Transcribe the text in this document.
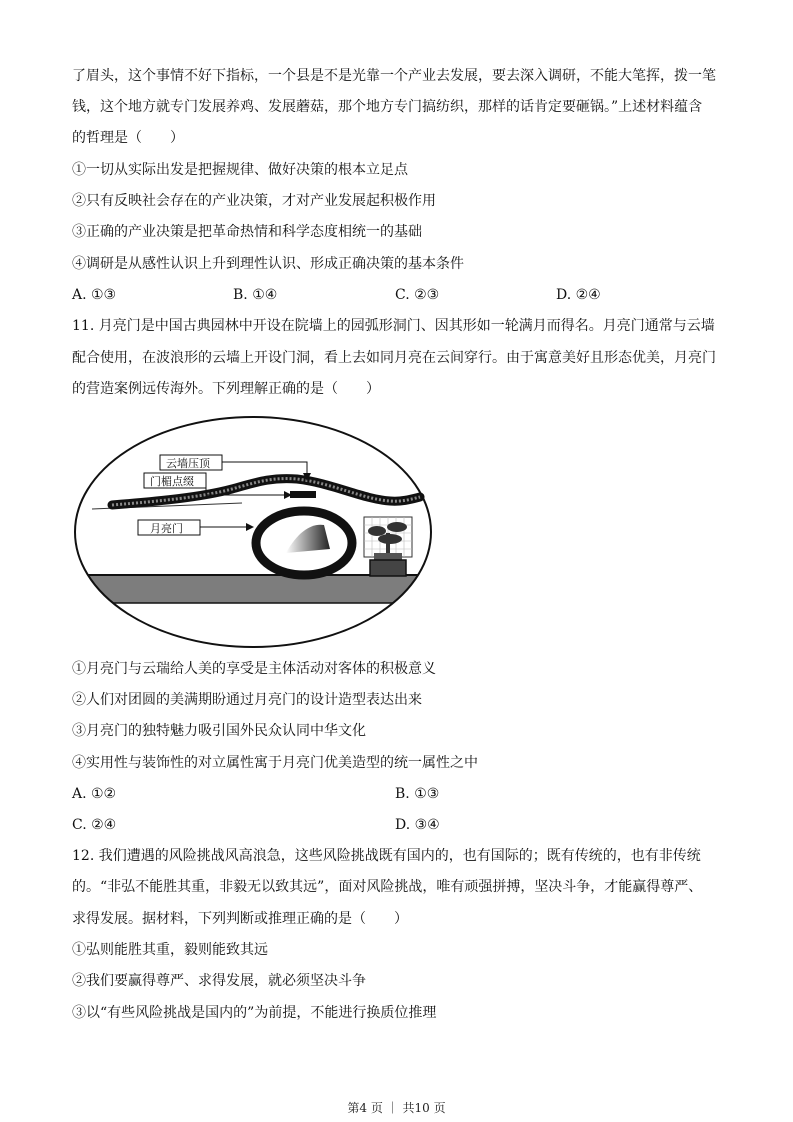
了眉头，这个事情不好下指标，一个县是不是光靠一个产业去发展，要去深入调研，不能大笔挥，拨一笔

钱，这个地方就专门发展养鸡、发展蘑菇，那个地方专门搞纺织，那样的话肯定要砸锅。”上述材料蕴含

的哲理是（　　）

①一切从实际出发是把握规律、做好决策的根本立足点

②只有反映社会存在的产业决策，才对产业发展起积极作用

③正确的产业决策是把革命热情和科学态度相统一的基础

④调研是从感性认识上升到理性认识、形成正确决策的基本条件

A. ①③	B. ①④	C. ②③	D. ②④

11. 月亮门是中国古典园林中开设在院墙上的园弧形洞门、因其形如一轮满月而得名。月亮门通常与云墙

配合使用，在波浪形的云墙上开设门洞，看上去如同月亮在云间穿行。由于寓意美好且形态优美，月亮门

的营造案例远传海外。下列理解正确的是（　　）

云墙压顶
门楣点缀
月亮门

①月亮门与云瑞给人美的享受是主体活动对客体的积极意义

②人们对团圆的美满期盼通过月亮门的设计造型表达出来

③月亮门的独特魅力吸引国外民众认同中华文化

④实用性与装饰性的对立属性寓于月亮门优美造型的统一属性之中

A. ①②	B. ①③
C. ②④	D. ③④

12. 我们遭遇的风险挑战风高浪急，这些风险挑战既有国内的，也有国际的；既有传统的，也有非传统

的。“非弘不能胜其重，非毅无以致其远”，面对风险挑战，唯有顽强拼搏，坚决斗争，才能赢得尊严、

求得发展。据材料，下列判断或推理正确的是（　　）

①弘则能胜其重，毅则能致其远

②我们要赢得尊严、求得发展，就必须坚决斗争

③以“有些风险挑战是国内的”为前提，不能进行换质位推理

第4 页 ｜ 共10 页
